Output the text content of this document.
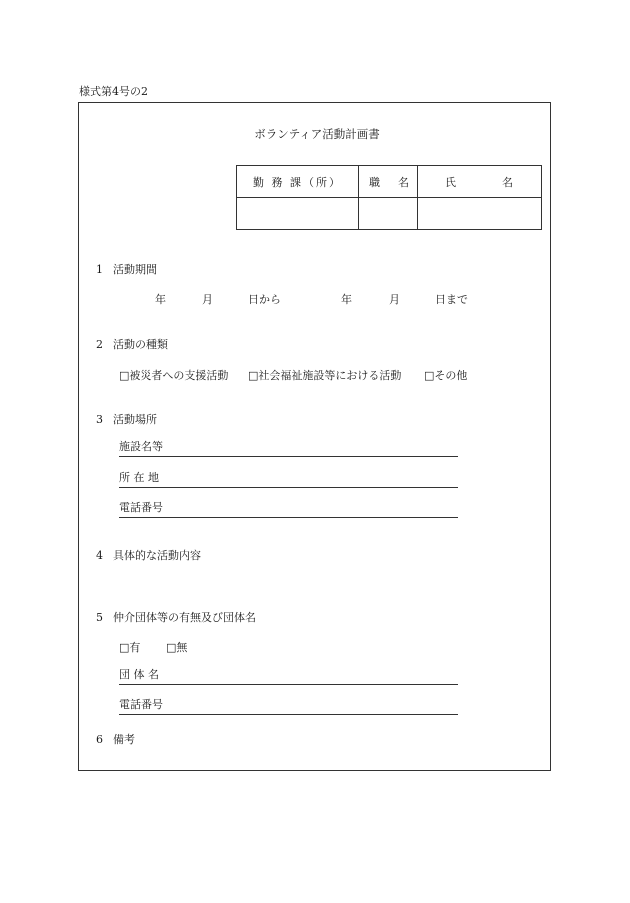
様式第4号の2
ボランティア活動計画書
勤 務 課（所）	職 名	氏 名

1 活動期間
年	月	日から	年	月	日まで
2 活動の種類
□被災者への支援活動 □社会福祉施設等における活動 □その他
3 活動場所
施設名等
所 在 地
電話番号
4 具体的な活動内容
5 仲介団体等の有無及び団体名
□有 □無
団 体 名
電話番号
6 備考
